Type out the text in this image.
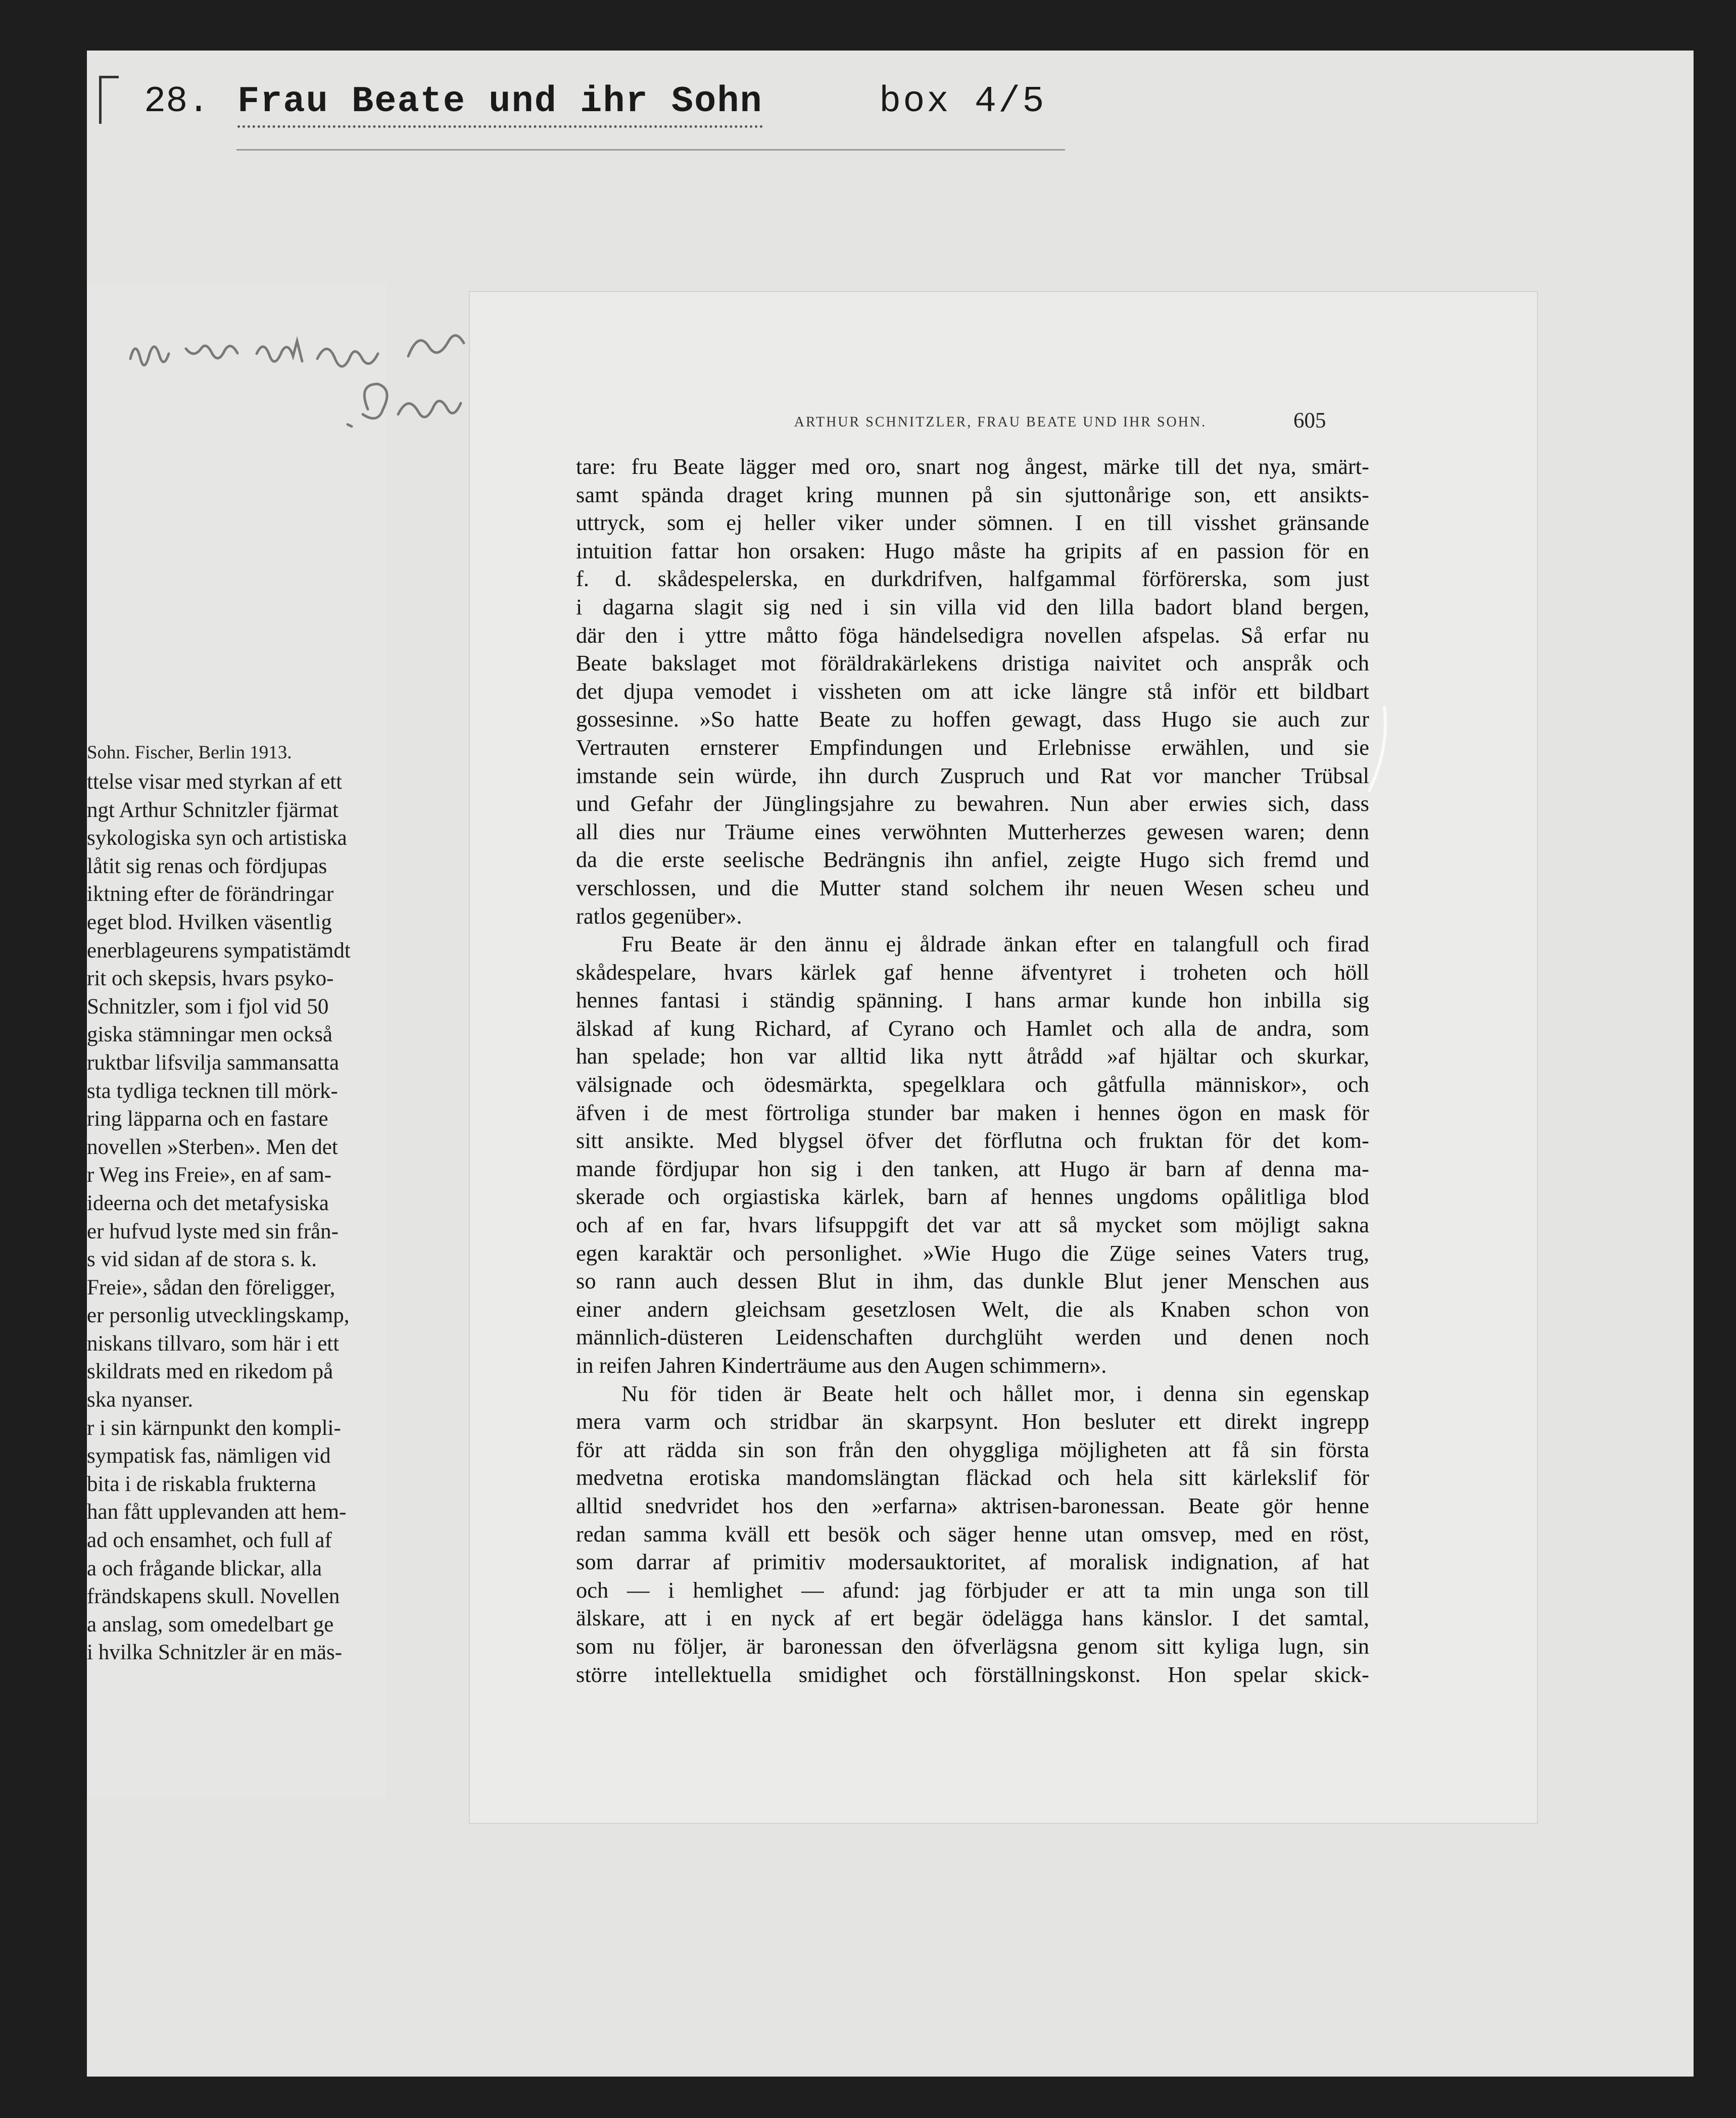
28.

Frau Beate und ihr Sohn

	box 4/5

Sohn. Fischer, Berlin 1913.
ttelse visar med styrkan af ett
ngt Arthur Schnitzler fjärmat
sykologiska syn och artistiska
låtit sig renas och fördjupas
iktning efter de förändringar
eget blod. Hvilken väsentlig
enerblageurens sympatistämdt
rit och skepsis, hvars psyko-
Schnitzler, som i fjol vid 50
giska stämningar men också
ruktbar lifsvilja sammansatta
sta tydliga tecknen till mörk-
ring läpparna och en fastare
novellen »Sterben». Men det
r Weg ins Freie», en af sam-
ideerna och det metafysiska
er hufvud lyste med sin från-
s vid sidan af de stora s. k.
Freie», sådan den föreligger,
er personlig utvecklingskamp,
niskans tillvaro, som här i ett
skildrats med en rikedom på
ska nyanser.
r i sin kärnpunkt den kompli-
sympatisk fas, nämligen vid
bita i de riskabla frukterna
han fått upplevanden att hem-
ad och ensamhet, och full af
a och frågande blickar, alla
frändskapens skull. Novellen
a anslag, som omedelbart ge
i hvilka Schnitzler är en mäs-
ARTHUR SCHNITZLER, FRAU BEATE UND IHR SOHN.	605
tare: fru Beate lägger med oro, snart nog ångest, märke till det nya, smärt-
samt spända draget kring munnen på sin sjuttonårige son, ett ansikts-
uttryck, som ej heller viker under sömnen. I en till visshet gränsande
intuition fattar hon orsaken: Hugo måste ha gripits af en passion för en
f. d. skådespelerska, en durkdrifven, halfgammal förförerska, som just
i dagarna slagit sig ned i sin villa vid den lilla badort bland bergen,
där den i yttre måtto föga händelsedigra novellen afspelas. Så erfar nu
Beate bakslaget mot föräldrakärlekens dristiga naivitet och anspråk och
det djupa vemodet i vissheten om att icke längre stå inför ett bildbart
gossesinne. »So hatte Beate zu hoffen gewagt, dass Hugo sie auch zur
Vertrauten ernsterer Empfindungen und Erlebnisse erwählen, und sie
imstande sein würde, ihn durch Zuspruch und Rat vor mancher Trübsal
und Gefahr der Jünglingsjahre zu bewahren. Nun aber erwies sich, dass
all dies nur Träume eines verwöhnten Mutterherzes gewesen waren; denn
da die erste seelische Bedrängnis ihn anfiel, zeigte Hugo sich fremd und
verschlossen, und die Mutter stand solchem ihr neuen Wesen scheu und
ratlos gegenüber».
Fru Beate är den ännu ej åldrade änkan efter en talangfull och firad
skådespelare, hvars kärlek gaf henne äfventyret i troheten och höll
hennes fantasi i ständig spänning. I hans armar kunde hon inbilla sig
älskad af kung Richard, af Cyrano och Hamlet och alla de andra, som
han spelade; hon var alltid lika nytt åtrådd »af hjältar och skurkar,
välsignade och ödesmärkta, spegelklara och gåtfulla människor», och
äfven i de mest förtroliga stunder bar maken i hennes ögon en mask för
sitt ansikte. Med blygsel öfver det förflutna och fruktan för det kom-
mande fördjupar hon sig i den tanken, att Hugo är barn af denna ma-
skerade och orgiastiska kärlek, barn af hennes ungdoms opålitliga blod
och af en far, hvars lifsuppgift det var att så mycket som möjligt sakna
egen karaktär och personlighet. »Wie Hugo die Züge seines Vaters trug,
so rann auch dessen Blut in ihm, das dunkle Blut jener Menschen aus
einer andern gleichsam gesetzlosen Welt, die als Knaben schon von
männlich-düsteren Leidenschaften durchglüht werden und denen noch
in reifen Jahren Kinderträume aus den Augen schimmern».
Nu för tiden är Beate helt och hållet mor, i denna sin egenskap
mera varm och stridbar än skarpsynt. Hon besluter ett direkt ingrepp
för att rädda sin son från den ohyggliga möjligheten att få sin första
medvetna erotiska mandomslängtan fläckad och hela sitt kärlekslif för
alltid snedvridet hos den »erfarna» aktrisen-baronessan. Beate gör henne
redan samma kväll ett besök och säger henne utan omsvep, med en röst,
som darrar af primitiv modersauktoritet, af moralisk indignation, af hat
och — i hemlighet — afund: jag förbjuder er att ta min unga son till
älskare, att i en nyck af ert begär ödelägga hans känslor. I det samtal,
som nu följer, är baronessan den öfverlägsna genom sitt kyliga lugn, sin
större intellektuella smidighet och förställningskonst. Hon spelar skick-
